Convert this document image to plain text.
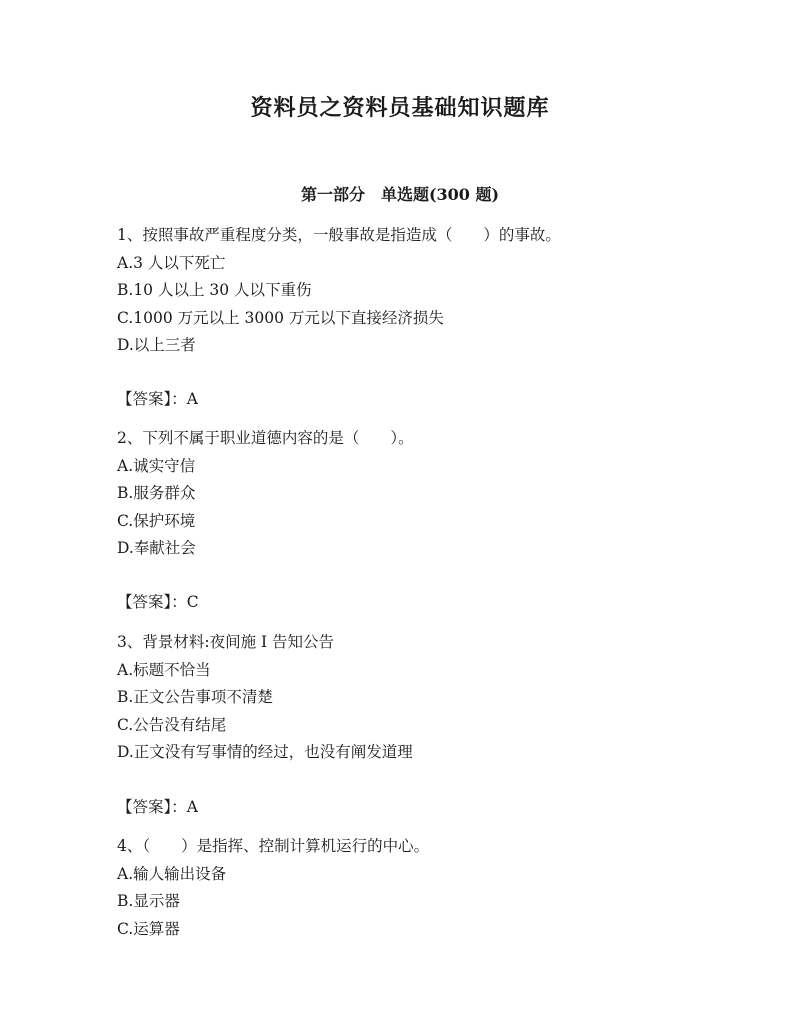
资料员之资料员基础知识题库
第一部分　单选题(300 题)
1、按照事故严重程度分类，一般事故是指造成（　　）的事故。
A.3 人以下死亡
B.10 人以上 30 人以下重伤
C.1000 万元以上 3000 万元以下直接经济损失
D.以上三者
【答案】：A
2、下列不属于职业道德内容的是（　　）。
A.诚实守信
B.服务群众
C.保护环境
D.奉献社会
【答案】：C
3、背景材料:夜间施 I 告知公告
A.标题不恰当
B.正文公告事项不清楚
C.公告没有结尾
D.正文没有写事情的经过，也没有阐发道理
【答案】：A
4、（　　）是指挥、控制计算机运行的中心。
A.输人输出设备
B.显示器
C.运算器
